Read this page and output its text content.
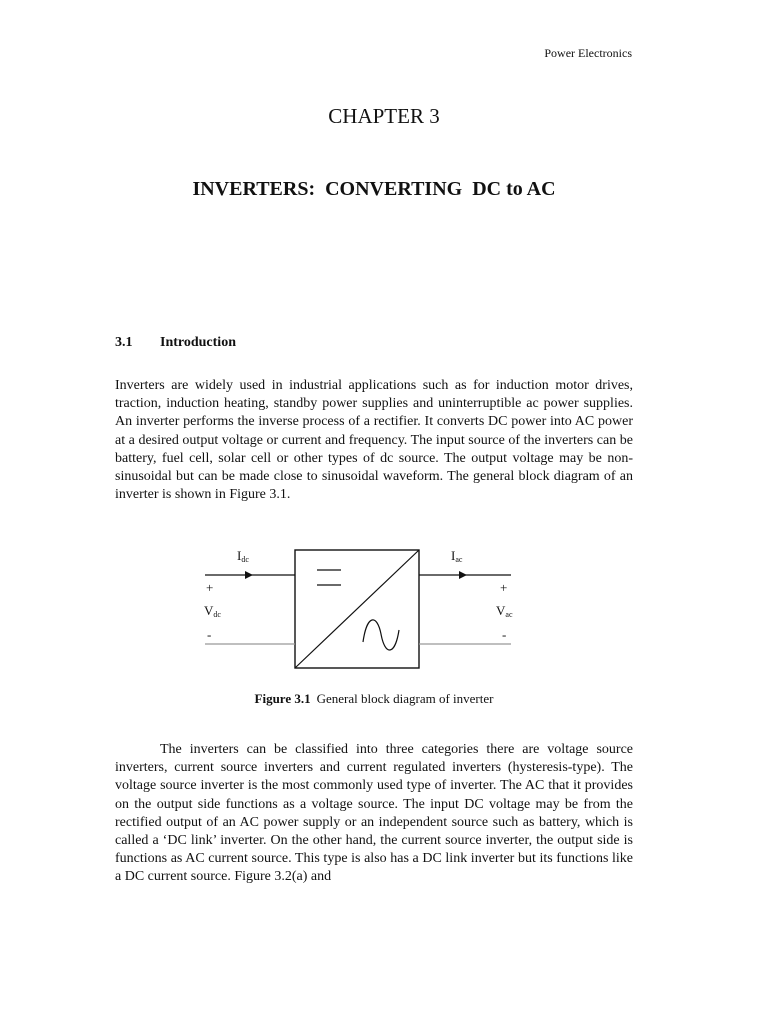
Power Electronics
CHAPTER 3
INVERTERS:  CONVERTING  DC to AC
3.1 Introduction

Inverters are widely used in industrial applications such as for induction motor drives, traction, induction heating, standby power supplies and uninterruptible ac power supplies. An inverter performs the inverse process of a rectifier. It converts DC power into AC power at a desired output voltage or current and frequency. The input source of the inverters can be battery, fuel cell, solar cell or other types of dc source. The output voltage may be non-sinusoidal but can be made close to sinusoidal waveform. The general block diagram of an inverter is shown in Figure 3.1.

$I_{dc}$	$I_{ac}$
+
$V_{dc}$
-
+
$V_{ac}$
-
Figure 3.1 General block diagram of inverter

The inverters can be classified into three categories there are voltage source inverters, current source inverters and current regulated inverters (hysteresis-type). The voltage source inverter is the most commonly used type of inverter. The AC that it provides on the output side functions as a voltage source. The input DC voltage may be from the rectified output of an AC power supply or an independent source such as battery, which is called a ‘DC link’ inverter. On the other hand, the current source inverter, the output side is functions as AC current source. This type is also has a DC link inverter but its functions like a DC current source. Figure 3.2(a) and
